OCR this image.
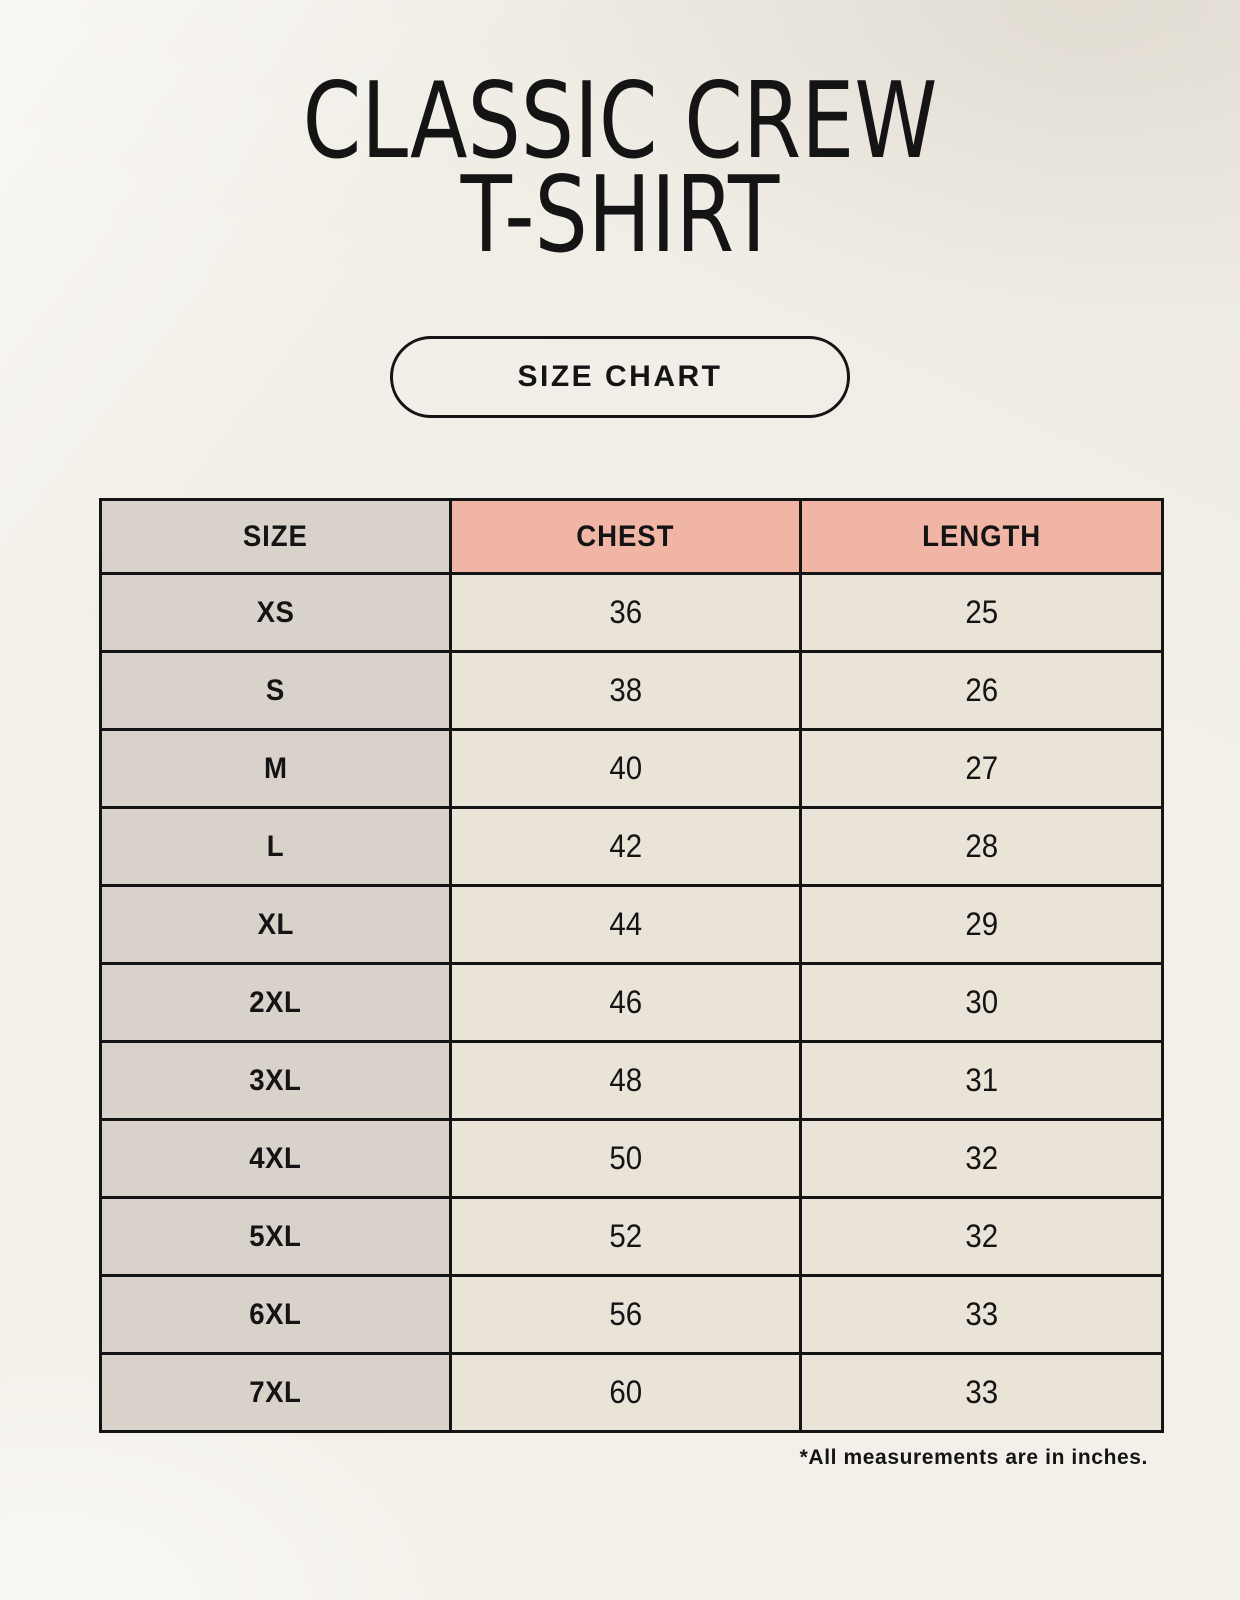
CLASSIC CREW
T-SHIRT
SIZE CHART
SIZE	CHEST	LENGTH
XS	36	25
S	38	26
M	40	27
L	42	28
XL	44	29
2XL	46	30
3XL	48	31
4XL	50	32
5XL	52	32
6XL	56	33
7XL	60	33
*All measurements are in inches.
